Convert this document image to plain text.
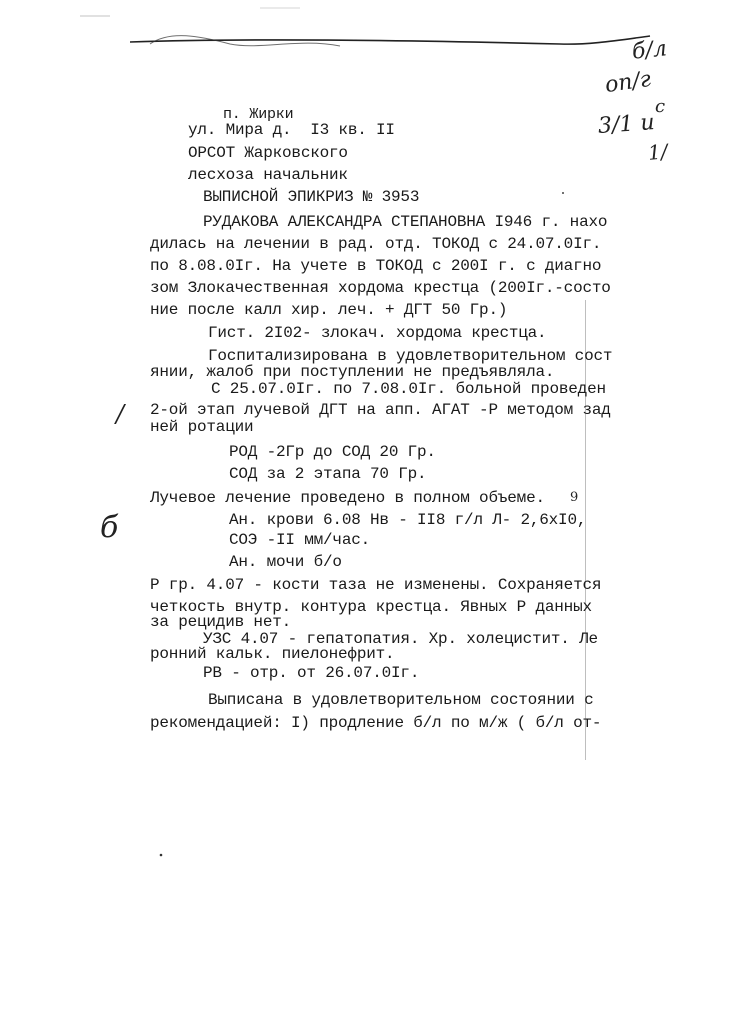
п. Жирки
ул. Мира д.  I3 кв. II
ОРСОТ Жарковского
лесхоза начальник
ВЫПИСНОЙ ЭПИКРИЗ № 3953
РУДАКОВА АЛЕКСАНДРА СТЕПАНОВНА I946 г. нахо
дилась на лечении в рад. отд. ТОКОД с 24.07.0Iг.
по 8.08.0Iг. На учете в ТОКОД с 200I г. с диагно
зом Злокачественная хордома крестца (200Iг.-состо
ние после калл хир. леч. + ДГТ 50 Гр.)
Гист. 2I02- злокач. хордома крестца.
Госпитализирована в удовлетворительном сост
янии, жалоб при поступлении не предъявляла.
С 25.07.0Iг. по 7.08.0Iг. больной проведен
2-ой этап лучевой ДГТ на апп. АГАТ -Р методом зад
ней ротации
РОД -2Гр до СОД 20 Гр.
СОД за 2 этапа 70 Гр.
Лучевое лечение проведено в полном объеме.
Ан. крови 6.08 Нв - II8 г/л Л- 2,6хI0,
СОЭ -II мм/час.
Ан. мочи б/о
Р гр. 4.07 - кости таза не изменены. Сохраняется
четкость внутр. контура крестца. Явных Р данных
за рецидив нет.
УЗС 4.07 - гепатопатия. Хр. холецистит. Ле
ронний кальк. пиелонефрит.
РВ - отр. от 26.07.0Iг.
Выписана в удовлетворительном состоянии с
рекомендацией: I) продление б/л по м/ж ( б/л от-
б/л
оп/г
3/1 и
с
1/
9
б
/
